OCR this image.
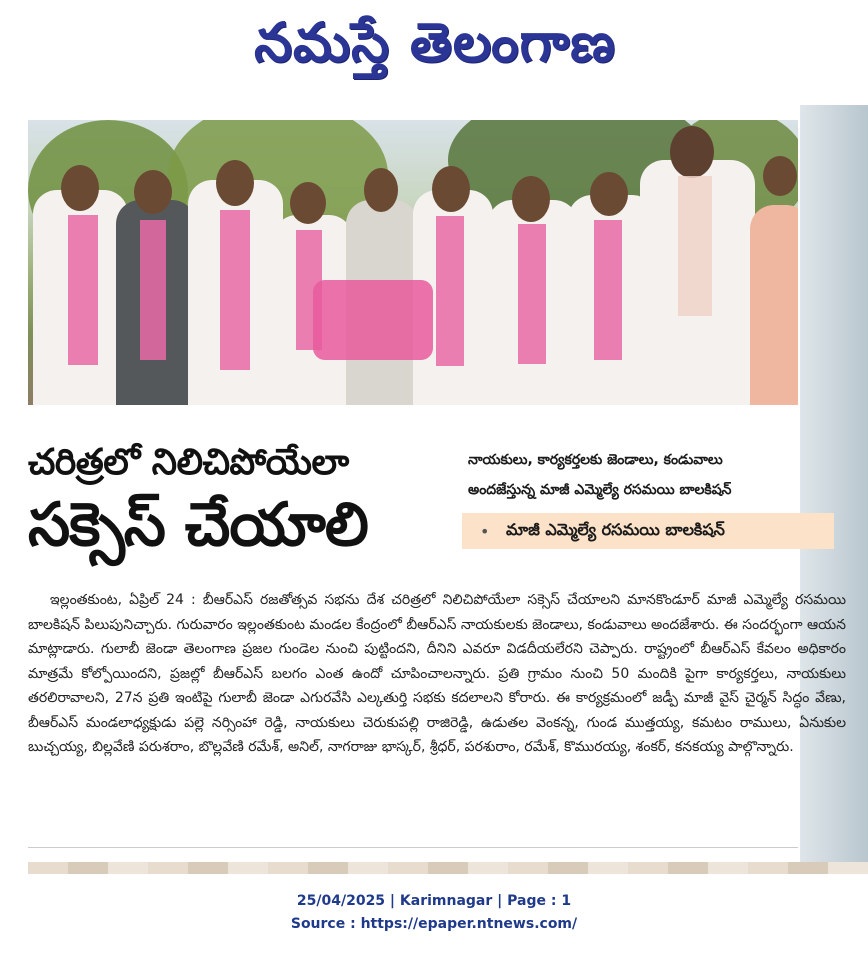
నమస్తే తెలంగాణ
చరిత్రలో నిలిచిపోయేలా
సక్సెస్ చేయాలి
నాయకులు, కార్యకర్తలకు జెండాలు, కండువాలు
అందజేస్తున్న మాజీ ఎమ్మెల్యే రసమయి బాలకిషన్
• మాజీ ఎమ్మెల్యే రసమయి బాలకిషన్

ఇల్లంతకుంట, ఏప్రిల్ 24 : బీఆర్ఎస్ రజతోత్సవ సభను దేశ చరిత్రలో నిలిచిపోయేలా సక్సెస్ చేయాలని మానకొండూర్ మాజీ ఎమ్మెల్యే రసమయి బాలకిషన్ పిలుపునిచ్చారు. గురువారం ఇల్లంతకుంట మండల కేంద్రంలో బీఆర్ఎస్ నాయకులకు జెండాలు, కండువాలు అందజేశారు. ఈ సందర్భంగా ఆయన మాట్లాడారు. గులాబీ జెండా తెలంగాణ ప్రజల గుండెల నుంచి పుట్టిందని, దీనిని ఎవరూ విడదీయలేరని చెప్పారు. రాష్ట్రంలో బీఆర్ఎస్ కేవలం అధికారం మాత్రమే కోల్పోయిందని, ప్రజల్లో బీఆర్ఎస్ బలగం ఎంత ఉందో చూపించాలన్నారు. ప్రతి గ్రామం నుంచి 50 మందికి పైగా కార్యకర్తలు, నాయకులు తరలిరావాలని, 27న ప్రతి ఇంటిపై గులాబీ జెండా ఎగురవేసి ఎల్కతుర్తి సభకు కదలాలని కోరారు. ఈ కార్యక్రమంలో జడ్పీ మాజీ వైస్ చైర్మన్ సిద్ధం వేణు, బీఆర్ఎస్ మండలాధ్యక్షుడు పల్లె నర్సింహా రెడ్డి, నాయకులు చెరుకుపల్లి రాజిరెడ్డి, ఉడుతల వెంకన్న, గుండ ముత్తయ్య, కమటం రాములు, ఏనుకుల బుచ్చయ్య, బిల్లవేణి పరుశరాం, బొల్లవేణి రమేశ్, అనిల్, నాగరాజు భాస్కర్, శ్రీధర్, పరశురాం, రమేశ్, కొమురయ్య, శంకర్, కనకయ్య పాల్గొన్నారు.

25/04/2025 | Karimnagar | Page : 1
Source : https://epaper.ntnews.com/
